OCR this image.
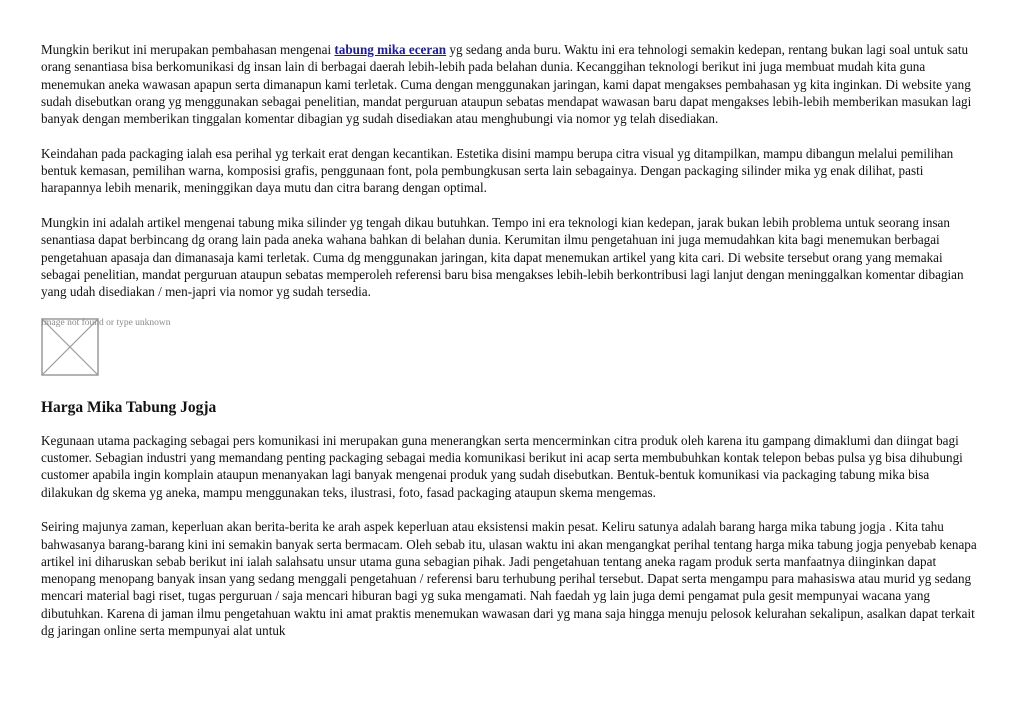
Mungkin berikut ini merupakan pembahasan mengenai tabung mika eceran yg sedang anda buru. Waktu ini era tehnologi semakin kedepan, rentang bukan lagi soal untuk satu orang senantiasa bisa berkomunikasi dg insan lain di berbagai daerah lebih-lebih pada belahan dunia. Kecanggihan teknologi berikut ini juga membuat mudah kita guna menemukan aneka wawasan apapun serta dimanapun kami terletak. Cuma dengan menggunakan jaringan, kami dapat mengakses pembahasan yg kita inginkan. Di website yang sudah disebutkan orang yg menggunakan sebagai penelitian, mandat perguruan ataupun sebatas mendapat wawasan baru dapat mengakses lebih-lebih memberikan masukan lagi banyak dengan memberikan tinggalan komentar dibagian yg sudah disediakan atau menghubungi via nomor yg telah disediakan.

Keindahan pada packaging ialah esa perihal yg terkait erat dengan kecantikan. Estetika disini mampu berupa citra visual yg ditampilkan, mampu dibangun melalui pemilihan bentuk kemasan, pemilihan warna, komposisi grafis, penggunaan font, pola pembungkusan serta lain sebagainya. Dengan packaging silinder mika yg enak dilihat, pasti harapannya lebih menarik, meninggikan daya mutu dan citra barang dengan optimal.

Mungkin ini adalah artikel mengenai tabung mika silinder yg tengah dikau butuhkan. Tempo ini era teknologi kian kedepan, jarak bukan lebih problema untuk seorang insan senantiasa dapat berbincang dg orang lain pada aneka wahana bahkan di belahan dunia. Kerumitan ilmu pengetahuan ini juga memudahkan kita bagi menemukan berbagai pengetahuan apasaja dan dimanasaja kami terletak. Cuma dg menggunakan jaringan, kita dapat menemukan artikel yang kita cari. Di website tersebut orang yang memakai sebagai penelitian, mandat perguruan ataupun sebatas memperoleh referensi baru bisa mengakses lebih-lebih berkontribusi lagi lanjut dengan meninggalkan komentar dibagian yang udah disediakan / men-japri via nomor yg sudah tersedia.

Image not found or type unknown
Harga Mika Tabung Jogja

Kegunaan utama packaging sebagai pers komunikasi ini merupakan guna menerangkan serta mencerminkan citra produk oleh karena itu gampang dimaklumi dan diingat bagi customer. Sebagian industri yang memandang penting packaging sebagai media komunikasi berikut ini acap serta membubuhkan kontak telepon bebas pulsa yg bisa dihubungi customer apabila ingin komplain ataupun menanyakan lagi banyak mengenai produk yang sudah disebutkan. Bentuk-bentuk komunikasi via packaging tabung mika bisa dilakukan dg skema yg aneka, mampu menggunakan teks, ilustrasi, foto, fasad packaging ataupun skema mengemas.

Seiring majunya zaman, keperluan akan berita-berita ke arah aspek keperluan atau eksistensi makin pesat. Keliru satunya adalah barang harga mika tabung jogja . Kita tahu bahwasanya barang-barang kini ini semakin banyak serta bermacam. Oleh sebab itu, ulasan waktu ini akan mengangkat perihal tentang harga mika tabung jogja penyebab kenapa artikel ini diharuskan sebab berikut ini ialah salahsatu unsur utama guna sebagian pihak. Jadi pengetahuan tentang aneka ragam produk serta manfaatnya diinginkan dapat menopang menopang banyak insan yang sedang menggali pengetahuan / referensi baru terhubung perihal tersebut. Dapat serta mengampu para mahasiswa atau murid yg sedang mencari material bagi riset, tugas perguruan / saja mencari hiburan bagi yg suka mengamati. Nah faedah yg lain juga demi pengamat pula gesit mempunyai wacana yang dibutuhkan. Karena di jaman ilmu pengetahuan waktu ini amat praktis menemukan wawasan dari yg mana saja hingga menuju pelosok kelurahan sekalipun, asalkan dapat terkait dg jaringan online serta mempunyai alat untuk
